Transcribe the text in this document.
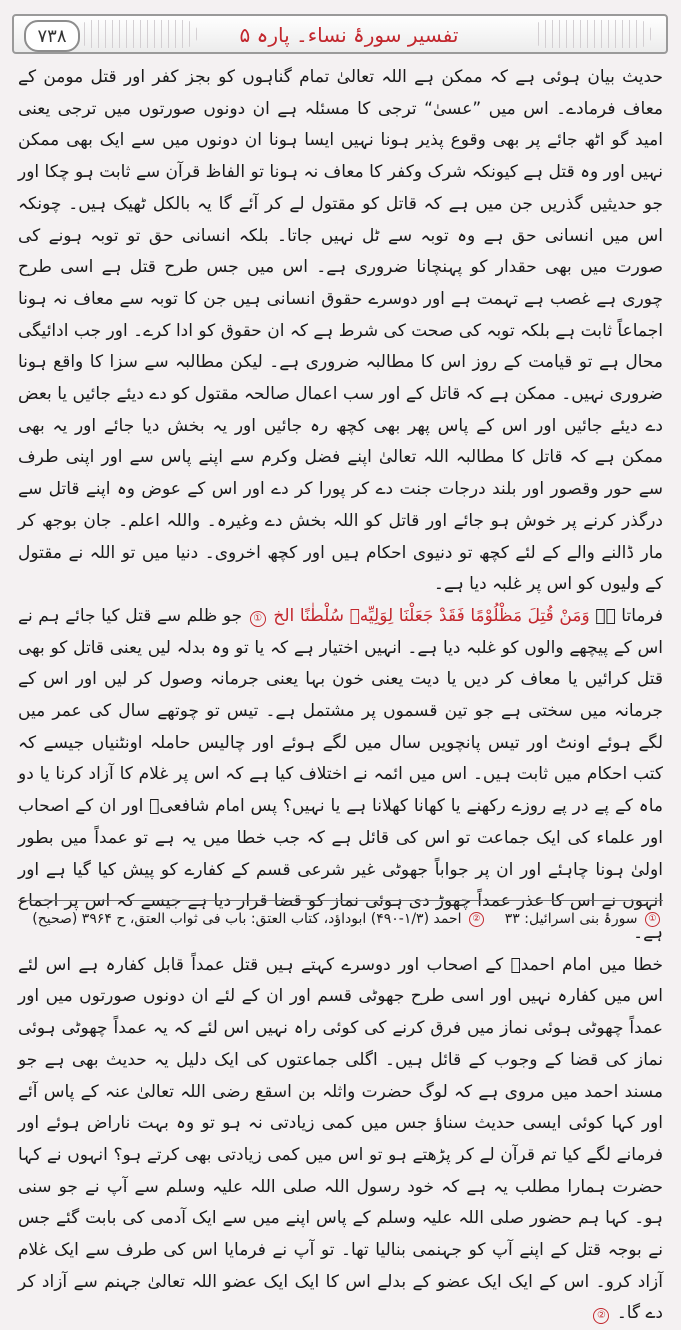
۷۳۸	تفسیر سورۂ نساء۔ پارہ ۵

حدیث بیان ہوئی ہے کہ ممکن ہے اللہ تعالیٰ تمام گناہوں کو بجز کفر اور قتل مومن کے معاف فرمادے۔ اس میں ”عسیٰ“ ترجی کا مسئلہ ہے ان دونوں صورتوں میں ترجی یعنی امید گو اٹھ جائے پر بھی وقوع پذیر ہونا نہیں ایسا ہونا ان دونوں میں سے ایک بھی ممکن نہیں اور وہ قتل ہے کیونکہ شرک وکفر کا معاف نہ ہونا تو الفاظ قرآن سے ثابت ہو چکا اور جو حدیثیں گذریں جن میں ہے کہ قاتل کو مقتول لے کر آئے گا یہ بالکل ٹھیک ہیں۔ چونکہ اس میں انسانی حق ہے وہ توبہ سے ٹل نہیں جاتا۔ بلکہ انسانی حق تو توبہ ہونے کی صورت میں بھی حقدار کو پہنچانا ضروری ہے۔ اس میں جس طرح قتل ہے اسی طرح چوری ہے غصب ہے تہمت ہے اور دوسرے حقوق انسانی ہیں جن کا توبہ سے معاف نہ ہونا اجماعاً ثابت ہے بلکہ توبہ کی صحت کی شرط ہے کہ ان حقوق کو ادا کرے۔ اور جب ادائیگی محال ہے تو قیامت کے روز اس کا مطالبہ ضروری ہے۔ لیکن مطالبہ سے سزا کا واقع ہونا ضروری نہیں۔ ممکن ہے کہ قاتل کے اور سب اعمال صالحہ مقتول کو دے دیئے جائیں یا بعض دے دیئے جائیں اور اس کے پاس پھر بھی کچھ رہ جائیں اور یہ بخش دیا جائے اور یہ بھی ممکن ہے کہ قاتل کا مطالبہ اللہ تعالیٰ اپنے فضل وکرم سے اپنے پاس سے اور اپنی طرف سے حور وقصور اور بلند درجات جنت دے کر پورا کر دے اور اس کے عوض وہ اپنے قاتل سے درگذر کرنے پر خوش ہو جائے اور قاتل کو اللہ بخش دے وغیرہ۔ واللہ اعلم۔ جان بوجھ کر مار ڈالنے والے کے لئے کچھ تو دنیوی احکام ہیں اور کچھ اخروی۔ دنیا میں تو اللہ نے مقتول کے ولیوں کو اس پر غلبہ دیا ہے۔

فرماتا ہے وَمَنْ قُتِلَ مَظْلُوْمًا فَقَدْ جَعَلْنَا لِوَلِيِّهٖ سُلْطٰنًا الخ ① جو ظلم سے قتل کیا جائے ہم نے اس کے پیچھے والوں کو غلبہ دیا ہے۔ انہیں اختیار ہے کہ یا تو وہ بدلہ لیں یعنی قاتل کو بھی قتل کرائیں یا معاف کر دیں یا دیت یعنی خون بہا یعنی جرمانہ وصول کر لیں اور اس کے جرمانہ میں سختی ہے جو تین قسموں پر مشتمل ہے۔ تیس تو چوتھے سال کی عمر میں لگے ہوئے اونٹ اور تیس پانچویں سال میں لگے ہوئے اور چالیس حاملہ اونٹنیاں جیسے کہ کتب احکام میں ثابت ہیں۔ اس میں ائمہ نے اختلاف کیا ہے کہ اس پر غلام کا آزاد کرنا یا دو ماہ کے پے در پے روزے رکھنے یا کھانا کھلانا ہے یا نہیں؟ پس امام شافعیؒ اور ان کے اصحاب اور علماء کی ایک جماعت تو اس کی قائل ہے کہ جب خطا میں یہ ہے تو عمداً میں بطور اولیٰ ہونا چاہئے اور ان پر جواباً جھوٹی غیر شرعی قسم کے کفارے کو پیش کیا گیا ہے اور انہوں نے اس کا عذر عمداً چھوڑ دی ہوئی نماز کو قضا قرار دیا ہے جیسے کہ اس پر اجماع ہے۔

خطا میں امام احمدؒ کے اصحاب اور دوسرے کہتے ہیں قتل عمداً قابل کفارہ ہے اس لئے اس میں کفارہ نہیں اور اسی طرح جھوٹی قسم اور ان کے لئے ان دونوں صورتوں میں اور عمداً چھوٹی ہوئی نماز میں فرق کرنے کی کوئی راہ نہیں اس لئے کہ یہ عمداً چھوٹی ہوئی نماز کی قضا کے وجوب کے قائل ہیں۔ اگلی جماعتوں کی ایک دلیل یہ حدیث بھی ہے جو مسند احمد میں مروی ہے کہ لوگ حضرت واثلہ بن اسقع رضی اللہ تعالیٰ عنہ کے پاس آئے اور کہا کوئی ایسی حدیث سناؤ جس میں کمی زیادتی نہ ہو تو وہ بہت ناراض ہوئے اور فرمانے لگے کیا تم قرآن لے کر پڑھتے ہو تو اس میں کمی زیادتی بھی کرتے ہو؟ انہوں نے کہا حضرت ہمارا مطلب یہ ہے کہ خود رسول اللہ صلی اللہ علیہ وسلم سے آپ نے جو سنی ہو۔ کہا ہم حضور صلی اللہ علیہ وسلم کے پاس اپنے میں سے ایک آدمی کی بابت گئے جس نے بوجہ قتل کے اپنے آپ کو جہنمی بنالیا تھا۔ تو آپ نے فرمایا اس کی طرف سے ایک غلام آزاد کرو۔ اس کے ایک ایک عضو کے بدلے اس کا ایک ایک عضو اللہ تعالیٰ جہنم سے آزاد کر دے گا۔ ②

① سورۂ بنی اسرائیل: ۳۳    ② احمد (۱/۳-۴۹۰) ابوداؤد، کتاب العتق: باب فی ثواب العتق، ح ۳۹۶۴ (صحیح)
